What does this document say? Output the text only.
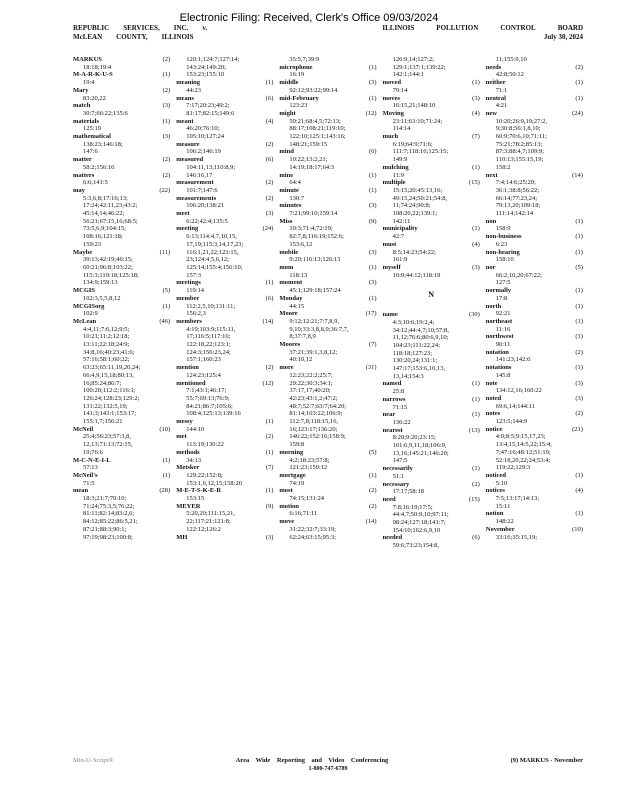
Electronic Filing: Received, Clerk's Office 09/03/2024
REPUBLIC SERVICES, INC. v.	ILLINOIS	POLLUTION	CONTROL	BOARD
McLEAN COUNTY, ILLINOIS	July 30, 2024
MARKUS	(2)
18:18;19:4
M-A-R-K-U-S	(1)
19:4
Mary	(2)
83:20,22
match	(3)
30:7;66:22;135:6
materials	(1)
125:19
mathematical	(3)
138:23;146:18;
147:6
matter	(2)
58:2;156:16
matters	(2)
6:6;141:5
may	(22)
5:3,6,8;17:16;13;
17:24;42:11,23;43:2;
45:14,14;46:22;
56:21;67:15,16;68:5;
73:5,6,9;104:15;
108:16;121:18;
159:23
Maybe	(11)
39:13;42:19;46:15;
60:21;96:8;103:22;
115:3;119:18;125:18;
134:9;159:13
MCGIS	(5)
102:3,5,5,8,12
MCGISorg	(1)
102:9
McLean	(46)
4:4,11;7:6,12;9:5;
10:21;11:2;12:18;
13:11;22:18;24:9;
34:8,16;40:23;41:6;
57:16;58:1;60:22;
63:23;65:11,19,20,24;
66:4,9,15,18;80:13,
16;85:24;86:7;
100:20;112:2;116:1;
126:24;128:23;129:2;
131:22;132:5,19;
141:3;143:1;153:17;
155:1,7;156:21
McNeil	(10)
25:4;56:23;57:3,8,
12,13;71:13;72:15,
19;76:6
M-C-N-E-I-L	(1)
57:13
McNeil's	(1)
71:5
mean	(28)
18:3;21:7;70:10;
71:24;75:3,5;76:22;
81:11;82:14;83:2,6;
84:12;85:22;86:5,21;
87:21;88:3;90:1;
97:19;98:23;100:8;
120:1;124:7;127:14;
143:24;149:20;
153:23;155:10
meaning	(1)
44:23
means	(6)
7:17;20:23;49:2;
81:17;82:15;149:6
meant	(4)
46:20;76:10;
105:10;127:24
measure	(2)
106:2;146:19
measured	(6)
104:11,13;110:8,9;
146:16,17
measurement	(2)
101:7;147:6
measurements	(2)
106:20;138:21
meet	(3)
6:22;42:4;135:5
meeting	(24)
6:13;114:4,7,10,15,
17,19;115:3,14,17,23;
116:1,21,22;123:15,
23;124:4,5,6,12;
125:14;155:4;156:10;
157:3
meetings	(1)
119:14
member	(6)
112:2,5,10;131:11;
156:2,3
members	(14)
4:19;103:9;115:11,
17;116:5;117:10;
122:18,22;123:1;
124:3;156:23,24;
157:1;160:23
mention	(2)
124:23;125:4
mentioned	(12)
7:1;43:1;46:17;
55:7;69:13;76:9;
84:21;86:7;105:6;
108:4;125:13;139:16
messy	(1)
144:10
met	(2)
113:19;130:22
methods	(1)
34:13
Metsker	(7)
129:22;152:8;
153:1,6,12,15;158:20
M-E-T-S-K-E-R	(1)
153:15
MEYER	(9)
5:20,20;111:15,21,
22;117:21;121:8;
122:12;126:2
MH	(3)
35:5,7;39:9
microphone	(1)
16:19
middle	(3)
92:12;93:22;99:14
mid-February	(1)
123:23
might	(12)
50:21;68:4,5;72:13;
88:17;108:21;119:10;
122:10;125:1;143:16;
148:21;159:15
mind	(6)
10:22;13:2,21;
14:19;18:17;64:3
mine	(1)
64:4
minute	(1)
130:7
minutes	(3)
7:21;99:10;159:14
Miss	(9)
10:3;71:4;72:19;
82:7,8;116:19;152:6;
153:6,12
mobile	(3)
9:20;116:13;126:13
mom	(1)
118:13
moment	(3)
45:1;129:18;157:24
Monday	(1)
44:15
Moore	(17)
9:12;12:21;7:7,8,9,
9,10;33:3,8,8,9;36:7,7,
8;37:7,8,9
Moores	(7)
37:21;39:1,3,8,12;
40:10,12
more	(31)
12:23;22:2;25:7;
29:22;30:3;34:1;
37:17,17;40:20;
42:23;43:1,2;47:2;
48:7;52:7;63:7;64:20;
81:14;103:22;106:9;
112:7,8;118:15,16,
16;123:17;136:20;
146:22;152:16;158:9;
159:8
morning	(5)
4:2;18:23;57:8;
121:23;159:12
mortgage	(1)
74:19
most	(2)
74:15;131:24
motion	(2)
6:16;71:11
move	(14)
31:22;32:7;33:19;
62:24;63:15;95:3;
126:9,14;127:2;
129:1;137:1;139:22;
142:1;144:1
moved	(1)
79:14
moves	(3)
16:15,21;148:10
Moving	(4)
23:11;63:10;71:24;
114:14
much	(7)
6:19;64:9;71:6;
111:7;118:16;125:15;
149:9
mulching	(1)
11:9
multiple	(15)
15:15;20:45:13,16;
49:15,24;50:21;54:8,
11;74:24;90:8;
108:20,22;139:1;
142:11
municipality	(1)
42:7
must	(4)
8:5;14:23;54:22;
161:9
myself	(3)
10:9;44:12;118:19
N
name	(30)
4:3;10:6;19:2,4;
34:12;44:4,7;10;57:8,
11,12;76:6;80:6,9,10;
104:23;111:22,24;
118:18;127:23;
130:20,24;131:1;
147:17;153:6,10,13,
13,14;154:3
named	(1)
25:8
narrows	(1)
71:15
near	(1)
136:22
nearest	(13)
8:20;9:20;23:15;
101:6,9,11,18;106:9,
13,16;145:21;146:20;
147:5
necessarily	(1)
51:1
necessary	(2)
17:17;58:18
need	(15)
7:8;16:19;17:5;
44:4,7;50:9,10;97:11;
98:24;127:18;141:7;
154:10;162:6,9,10
needed	(6)
59:6;73:23;154:8,
11;155:9,10
needs	(2)
42:8;50:12
neither	(1)
71:1
neutral	(1)
4:21
new	(24)
10:20;26:9,19;27:2,
9;30:8;56:1,8,10;
60:9;70:6,10;71:11;
75:21;78:2;85:13;
87:3;88:4,7;109:9;
110:13;155:15,19;
158:2
next	(14)
7:4;14:6;25:20;
36:1;38:8;56:22;
66:14;77:23,24;
79:13,20;109:18;
111:14;142:14
non	(1)
158:9
non-business	(1)
6:23
non-hearing	(1)
158:10
nor	(5)
66:2,10,20;67:22;
127:5
normally	(1)
17:8
north	(1)
92:21
northeast	(1)
11:16
northwest	(1)
90:11
notation	(2)
141:23;142:6
notations	(1)
145:8
note	(3)
134:12,16;160:22
noted	(3)
69:6,14;144:11
notes	(2)
123:5;144:9
notice	(21)
4:9;8:5;9:15,17,23;
13:4,15,14:5,22;15:4,
7;47:16;48:12;51:19;
52:18,20,22;24;53:4;
119:22;129:3
noticed	(1)
5:10
notices	(4)
7:5;13:17;14:13;
15:11
notion	(1)
148:22
November	(10)
33:16;35:15,19;
Min-U-Script®	Area Wide Reporting and Video Conferencing	(9) MARKUS - November
1-800-747-6789
